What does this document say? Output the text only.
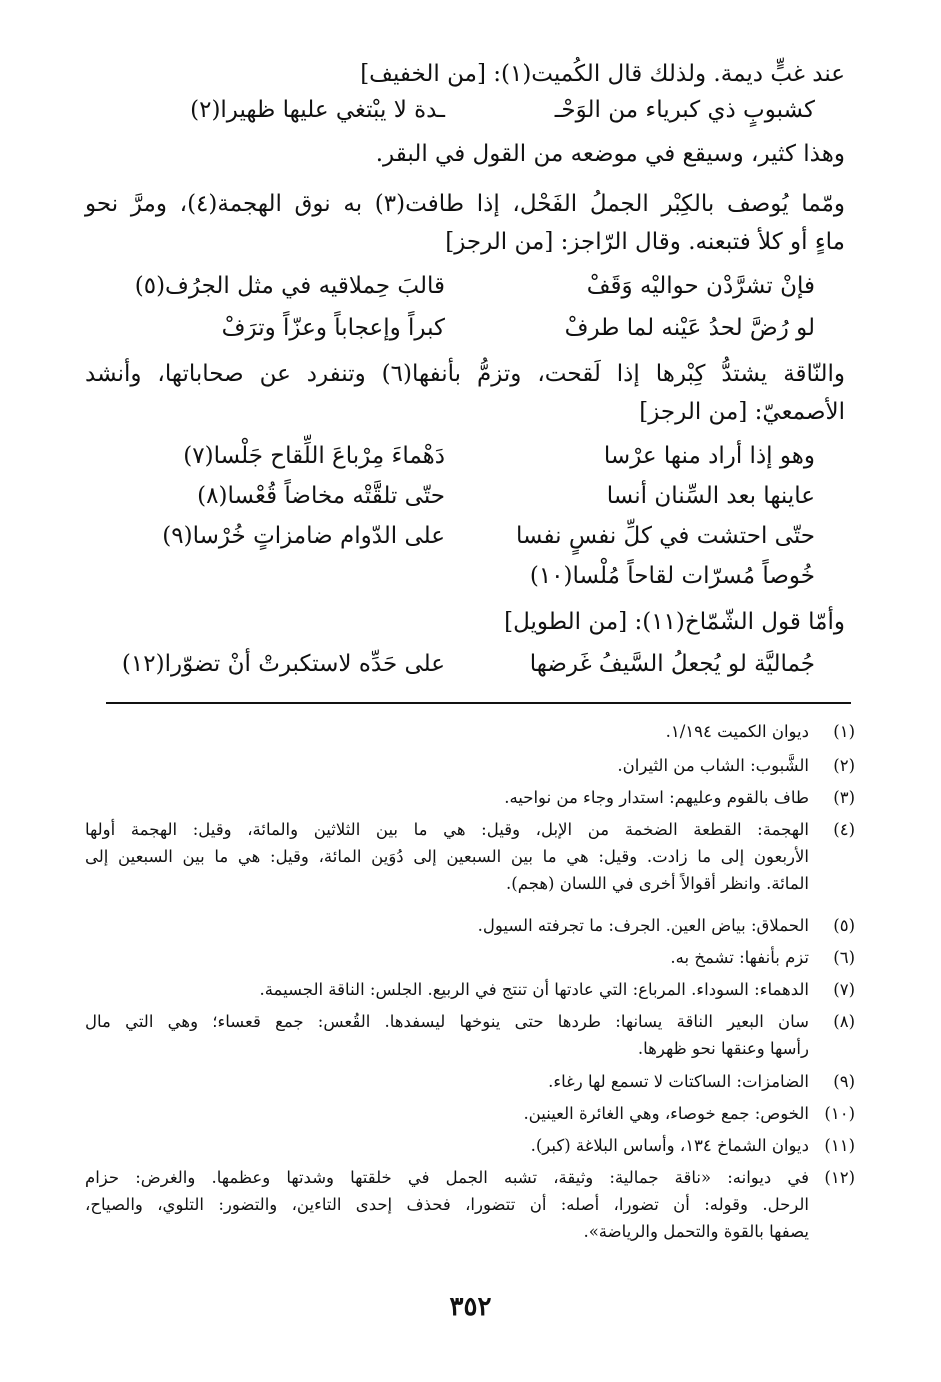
عند غبٍّ ديمة. ولذلك قال الكُميت(١): [من الخفيف]
كشبوبٍ ذي كبرياء من الوَحْـ
ـدة لا يبْتغي عليها ظهيرا(٢)
وهذا كثير، وسيقع في موضعه من القول في البقر.
ومّما يُوصف بالكِبْر الجملُ الفَحْل، إذا طافت(٣) به نوق الهجمة(٤)، ومرَّ نحو
ماءٍ أو كلأ فتبعنه. وقال الرّاجز: [من الرجز]
فإنْ تشرَّدْن حواليْه وَقَفْ
قالبَ حِملاقيه في مثل الجرُف(٥)
لو رُضَّ لحدُ عَيْنه لما طرفْ
كبراً وإعجاباً وعزّاً وترَفْ
والنّاقة يشتدُّ كِبْرها إذا لَقحت، وتزمُّ بأنفها(٦) وتنفرد عن صحاباتها، وأنشد
الأصمعيّ: [من الرجز]
وهو إذا أراد منها عرْسا
دَهْماءَ مِرْباعَ اللِّقاح جَلْسا(٧)
عاينها بعد السِّنان أنسا
حتّى تلقَّتْه مخاضاً قُعْسا(٨)
حتّى احتشت في كلِّ نفسٍ نفسا
على الدّوام ضامزاتٍ خُرْسا(٩)
خُوصاً مُسرّات لقاحاً مُلْسا(١٠)
وأمّا قول الشّمّاخ(١١): [من الطويل]
جُماليَّة لو يُجعلُ السَّيفُ غَرضها
على حَدِّه لاستكبرتْ أنْ تضوّرا(١٢)
(١)ديوان الكميت ١/١٩٤.
(٢)الشَّبوب: الشاب من الثيران.
(٣)طاف بالقوم وعليهم: استدار وجاء من نواحيه.
(٤)الهجمة: القطعة الضخمة من الإبل، وقيل: هي ما بين الثلاثين والمائة، وقيل: الهجمة أولها
الأربعون إلى ما زادت. وقيل: هي ما بين السبعين إلى دُوَين المائة، وقيل: هي ما بين السبعين إلى
المائة. وانظر أقوالاً أخرى في اللسان (هجم).
(٥)الحملاق: بياض العين. الجرف: ما تجرفته السيول.
(٦)تزم بأنفها: تشمخ به.
(٧)الدهماء: السوداء. المرباع: التي عادتها أن تنتج في الربيع. الجلس: الناقة الجسيمة.
(٨)سان البعير الناقة يسانها: طردها حتى ينوخها ليسفدها. القُعس: جمع قعساء؛ وهي التي مال
رأسها وعنقها نحو ظهرها.
(٩)الضامزات: الساكتات لا تسمع لها رغاء.
(١٠)الخوص: جمع خوصاء، وهي الغائرة العينين.
(١١)ديوان الشماخ ١٣٤، وأساس البلاغة (كبر).
(١٢)في ديوانه: «ناقة جمالية: وثيقة، تشبه الجمل في خلقتها وشدتها وعظمها. والغرض: حزام
الرحل. وقوله: أن تضورا، أصله: أن تتضورا، فحذف إحدى التاءين، والتضور: التلوي، والصياح،
يصفها بالقوة والتحمل والرياضة».
٣٥٢
